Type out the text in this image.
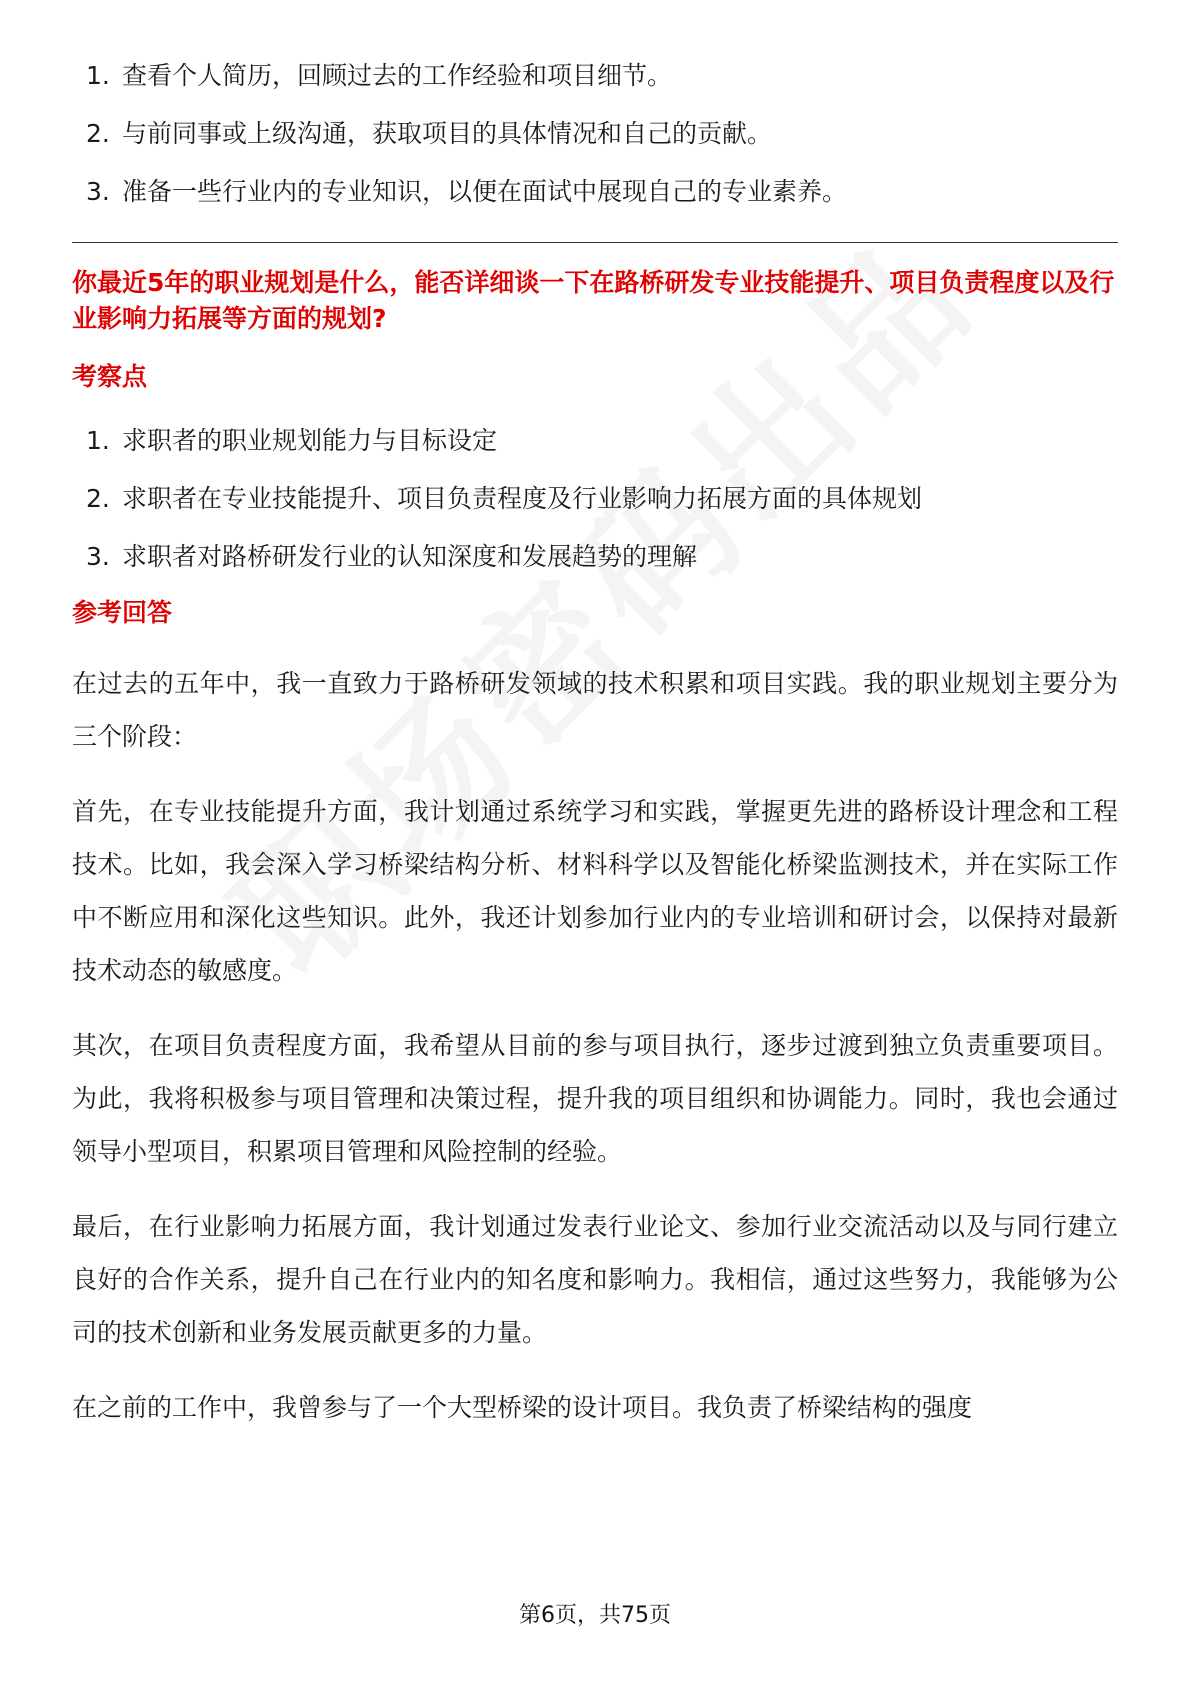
1. 查看个人简历，回顾过去的工作经验和项目细节。
2. 与前同事或上级沟通，获取项目的具体情况和自己的贡献。
3. 准备一些行业内的专业知识，以便在面试中展现自己的专业素养。
你最近5年的职业规划是什么，能否详细谈一下在路桥研发专业技能提升、项目负责程度以及行业影响力拓展等方面的规划?
考察点
1. 求职者的职业规划能力与目标设定
2. 求职者在专业技能提升、项目负责程度及行业影响力拓展方面的具体规划
3. 求职者对路桥研发行业的认知深度和发展趋势的理解
参考回答

在过去的五年中，我一直致力于路桥研发领域的技术积累和项目实践。我的职业规划主要分为三个阶段：

首先，在专业技能提升方面，我计划通过系统学习和实践，掌握更先进的路桥设计理念和工程技术。比如，我会深入学习桥梁结构分析、材料科学以及智能化桥梁监测技术，并在实际工作中不断应用和深化这些知识。此外，我还计划参加行业内的专业培训和研讨会，以保持对最新技术动态的敏感度。

其次，在项目负责程度方面，我希望从目前的参与项目执行，逐步过渡到独立负责重要项目。为此，我将积极参与项目管理和决策过程，提升我的项目组织和协调能力。同时，我也会通过领导小型项目，积累项目管理和风险控制的经验。

最后，在行业影响力拓展方面，我计划通过发表行业论文、参加行业交流活动以及与同行建立良好的合作关系，提升自己在行业内的知名度和影响力。我相信，通过这些努力，我能够为公司的技术创新和业务发展贡献更多的力量。

在之前的工作中，我曾参与了一个大型桥梁的设计项目。我负责了桥梁结构的强度

第6页，共75页
